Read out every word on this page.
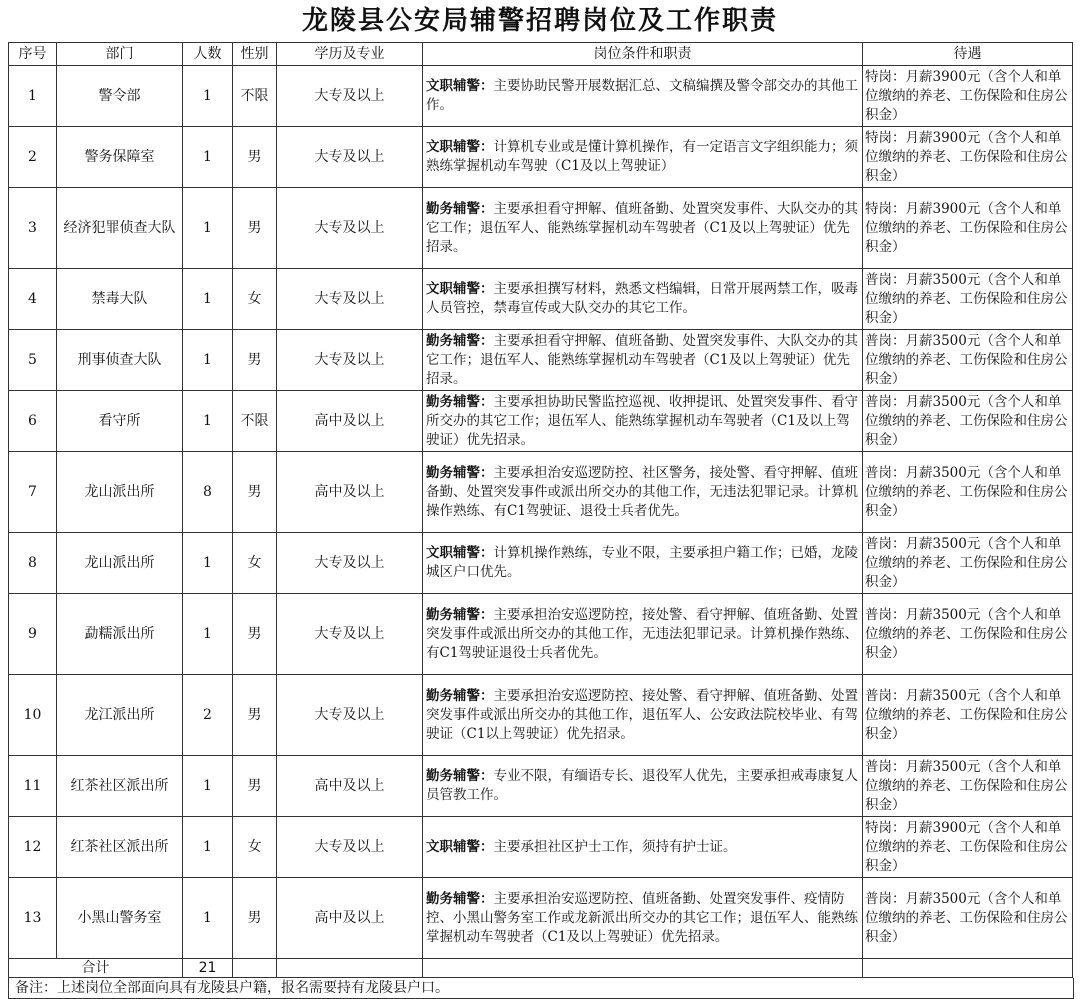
龙陵县公安局辅警招聘岗位及工作职责
序号	部门	人数	性别	学历及专业	岗位条件和职责	待遇
1	警令部	1	不限	大专及以上	文职辅警：主要协助民警开展数据汇总、文稿编撰及警令部交办的其他工作。	特岗：月薪3900元（含个人和单位缴纳的养老、工伤保险和住房公积金）
2	警务保障室	1	男	大专及以上	文职辅警：计算机专业或是懂计算机操作，有一定语言文字组织能力；须熟练掌握机动车驾驶（C1及以上驾驶证）	特岗：月薪3900元（含个人和单位缴纳的养老、工伤保险和住房公积金）
3	经济犯罪侦查大队	1	男	大专及以上	勤务辅警：主要承担看守押解、值班备勤、处置突发事件、大队交办的其它工作；退伍军人、能熟练掌握机动车驾驶者（C1及以上驾驶证）优先招录。	特岗：月薪3900元（含个人和单位缴纳的养老、工伤保险和住房公积金）
4	禁毒大队	1	女	大专及以上	文职辅警：主要承担撰写材料，熟悉文档编辑，日常开展两禁工作，吸毒人员管控，禁毒宣传或大队交办的其它工作。	普岗：月薪3500元（含个人和单位缴纳的养老、工伤保险和住房公积金）
5	刑事侦查大队	1	男	大专及以上	勤务辅警：主要承担看守押解、值班备勤、处置突发事件、大队交办的其它工作；退伍军人、能熟练掌握机动车驾驶者（C1及以上驾驶证）优先招录。	普岗：月薪3500元（含个人和单位缴纳的养老、工伤保险和住房公积金）
6	看守所	1	不限	高中及以上	勤务辅警：主要承担协助民警监控巡视、收押提讯、处置突发事件、看守所交办的其它工作；退伍军人、能熟练掌握机动车驾驶者（C1及以上驾驶证）优先招录。	普岗：月薪3500元（含个人和单位缴纳的养老、工伤保险和住房公积金）
7	龙山派出所	8	男	高中及以上	勤务辅警：主要承担治安巡逻防控、社区警务，接处警、看守押解、值班备勤、处置突发事件或派出所交办的其他工作，无违法犯罪记录。计算机操作熟练、有C1驾驶证、退役士兵者优先。	普岗：月薪3500元（含个人和单位缴纳的养老、工伤保险和住房公积金）
8	龙山派出所	1	女	大专及以上	文职辅警：计算机操作熟练，专业不限，主要承担户籍工作；已婚，龙陵城区户口优先。	普岗：月薪3500元（含个人和单位缴纳的养老、工伤保险和住房公积金）
9	勐糯派出所	1	男	大专及以上	勤务辅警：主要承担治安巡逻防控，接处警、看守押解、值班备勤、处置突发事件或派出所交办的其他工作，无违法犯罪记录。计算机操作熟练、有C1驾驶证退役士兵者优先。	普岗：月薪3500元（含个人和单位缴纳的养老、工伤保险和住房公积金）
10	龙江派出所	2	男	大专及以上	勤务辅警：主要承担治安巡逻防控、接处警、看守押解、值班备勤、处置突发事件或派出所交办的其他工作，退伍军人、公安政法院校毕业、有驾驶证（C1以上驾驶证）优先招录。	普岗：月薪3500元（含个人和单位缴纳的养老、工伤保险和住房公积金）
11	红茶社区派出所	1	男	高中及以上	勤务辅警：专业不限，有缅语专长、退役军人优先，主要承担戒毒康复人员管教工作。	普岗：月薪3500元（含个人和单位缴纳的养老、工伤保险和住房公积金）
12	红茶社区派出所	1	女	大专及以上	文职辅警：主要承担社区护士工作，须持有护士证。	特岗：月薪3900元（含个人和单位缴纳的养老、工伤保险和住房公积金）
13	小黑山警务室	1	男	高中及以上	勤务辅警：主要承担治安巡逻防控、值班备勤、处置突发事件、疫情防控、小黑山警务室工作或龙新派出所交办的其它工作；退伍军人、能熟练掌握机动车驾驶者（C1及以上驾驶证）优先招录。	普岗：月薪3500元（含个人和单位缴纳的养老、工伤保险和住房公积金）
合计		21				
备注：上述岗位全部面向具有龙陵县户籍，报名需要持有龙陵县户口。
